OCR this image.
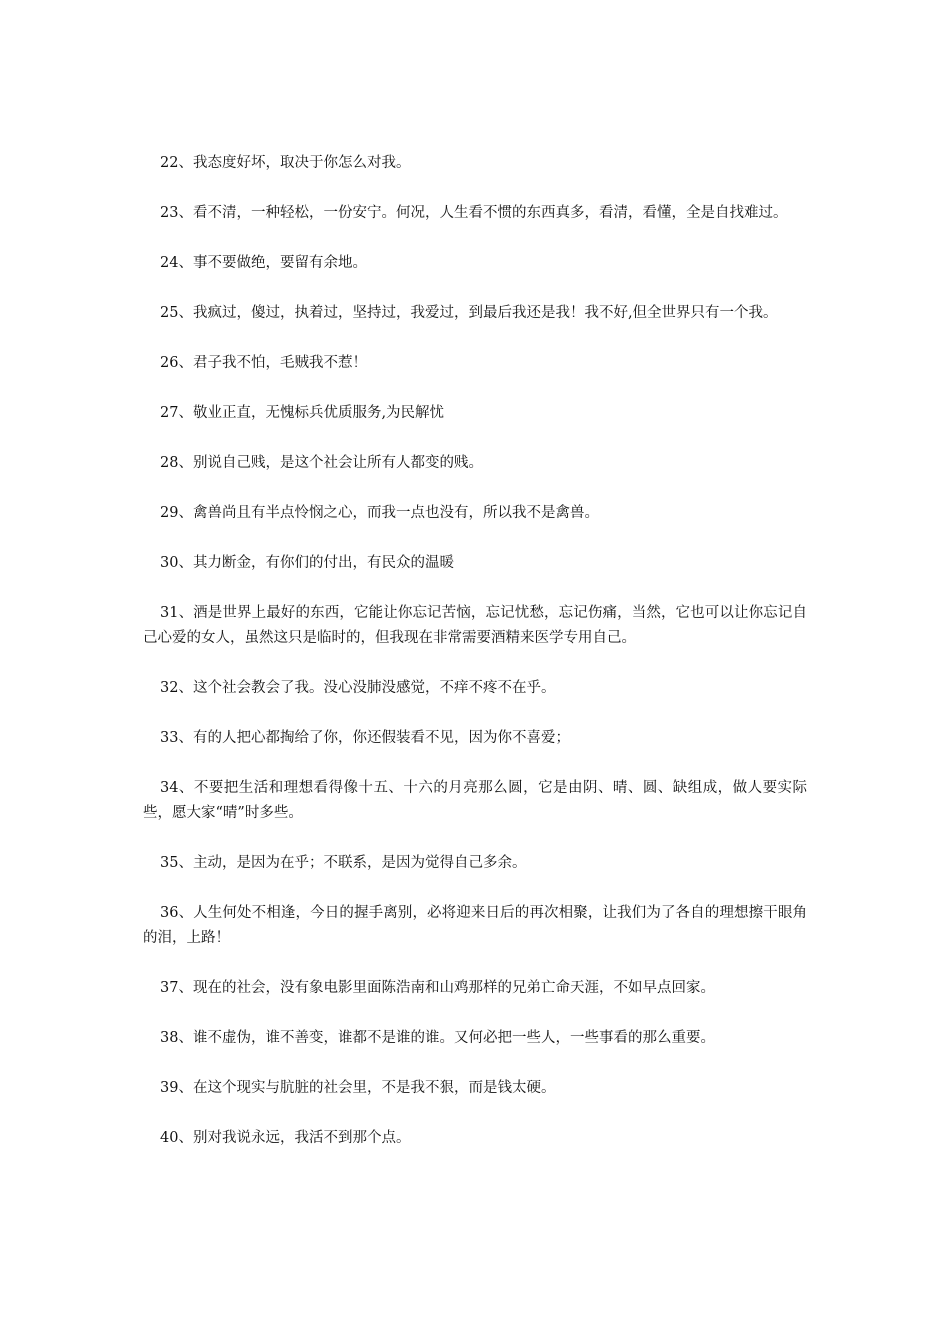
22、我态度好坏，取决于你怎么对我。

23、看不清，一种轻松，一份安宁。何况，人生看不惯的东西真多，看清，看懂，全是自找难过。

24、事不要做绝，要留有余地。

25、我疯过，傻过，执着过，坚持过，我爱过，到最后我还是我！我不好,但全世界只有一个我。

26、君子我不怕，毛贼我不惹！

27、敬业正直，无愧标兵优质服务,为民解忧

28、别说自己贱，是这个社会让所有人都变的贱。

29、禽兽尚且有半点怜悯之心，而我一点也没有，所以我不是禽兽。

30、其力断金，有你们的付出，有民众的温暖

31、酒是世界上最好的东西，它能让你忘记苦恼，忘记忧愁，忘记伤痛，当然，它也可以让你忘记自己心爱的女人，虽然这只是临时的，但我现在非常需要酒精来医学专用自己。

32、这个社会教会了我。没心没肺没感觉，不痒不疼不在乎。

33、有的人把心都掏给了你，你还假装看不见，因为你不喜爱；

34、不要把生活和理想看得像十五、十六的月亮那么圆，它是由阴、晴、圆、缺组成，做人要实际些，愿大家“晴”时多些。

35、主动，是因为在乎；不联系，是因为觉得自己多余。

36、人生何处不相逢，今日的握手离别，必将迎来日后的再次相聚，让我们为了各自的理想擦干眼角的泪，上路！

37、现在的社会，没有象电影里面陈浩南和山鸡那样的兄弟亡命天涯，不如早点回家。

38、谁不虚伪，谁不善变，谁都不是谁的谁。又何必把一些人，一些事看的那么重要。

39、在这个现实与肮脏的社会里，不是我不狠，而是钱太硬。

40、别对我说永远，我活不到那个点。
